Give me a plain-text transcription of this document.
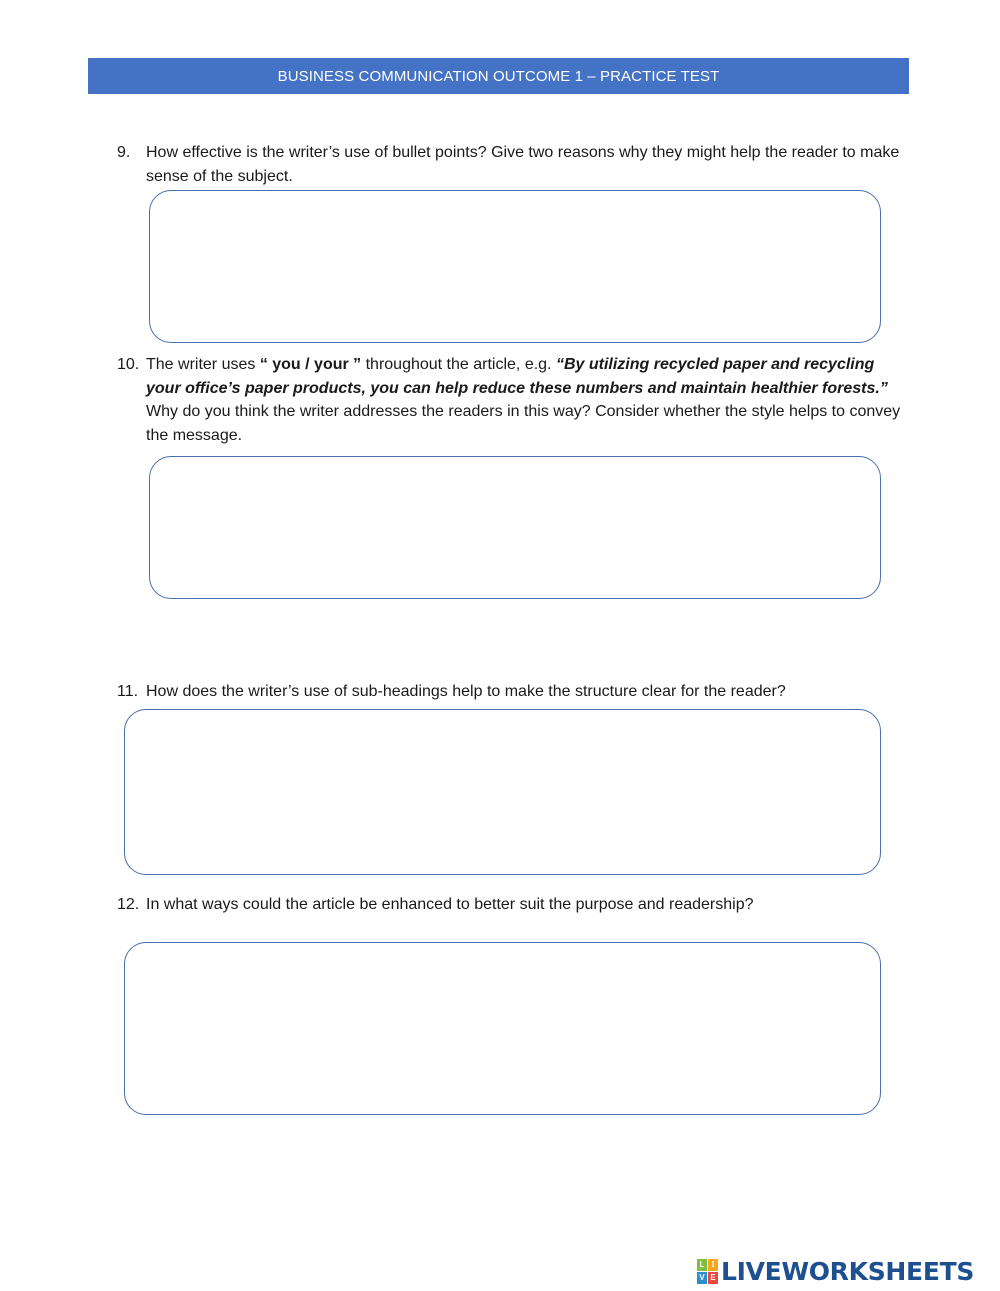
BUSINESS COMMUNICATION OUTCOME 1 – PRACTICE TEST
9. How effective is the writer’s use of bullet points? Give two reasons why they might help the reader to make sense of the subject.
10. The writer uses “ you / your ” throughout the article, e.g. “By utilizing recycled paper and recycling your office’s paper products, you can help reduce these numbers and maintain healthier forests.” Why do you think the writer addresses the readers in this way? Consider whether the style helps to convey the message.
11. How does the writer’s use of sub-headings help to make the structure clear for the reader?
12. In what ways could the article be enhanced to better suit the purpose and readership?
L I
V E LIVEWORKSHEETS
